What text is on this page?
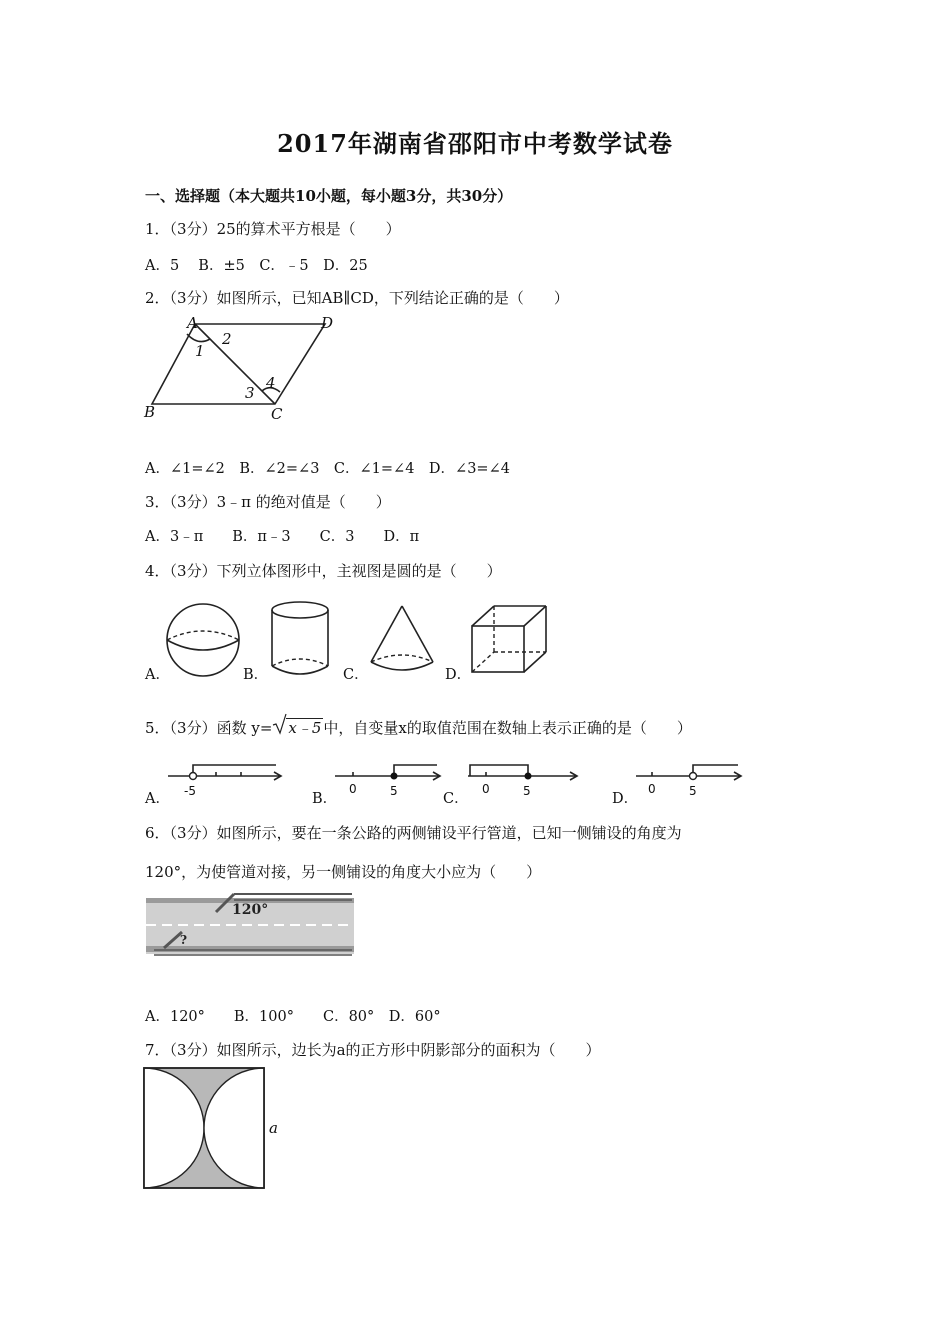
2017年湖南省邵阳市中考数学试卷
一、选择题（本大题共10小题，每小题3分，共30分）
1．（3分）25的算术平方根是（　　）
A．5　 B．±5　C．﹣5　D．25
2．（3分）如图所示，已知AB∥CD，下列结论正确的是（　　）
A	D
B	C
1
2
3
4
A．∠1=∠2　B．∠2=∠3　C．∠1=∠4　D．∠3=∠4
3．（3分）3﹣π 的绝对值是（　　）
A．3﹣π　　B．π﹣3　　C．3　　D．π
4．（3分）下列立体图形中，主视图是圆的是（　　）
A．	B．	C．	D．
5．（3分）函数 y= x﹣5 中，自变量x的取值范围在数轴上表示正确的是（　　）
A． -5	B．
0	5	C．
0	5	D．
0	5
6．（3分）如图所示，要在一条公路的两侧铺设平行管道，已知一侧铺设的角度为
120°，为使管道对接，另一侧铺设的角度大小应为（　　）
120°
?
A．120°　　B．100°　　C．80°　D．60°
7．（3分）如图所示，边长为a的正方形中阴影部分的面积为（　　）
a
